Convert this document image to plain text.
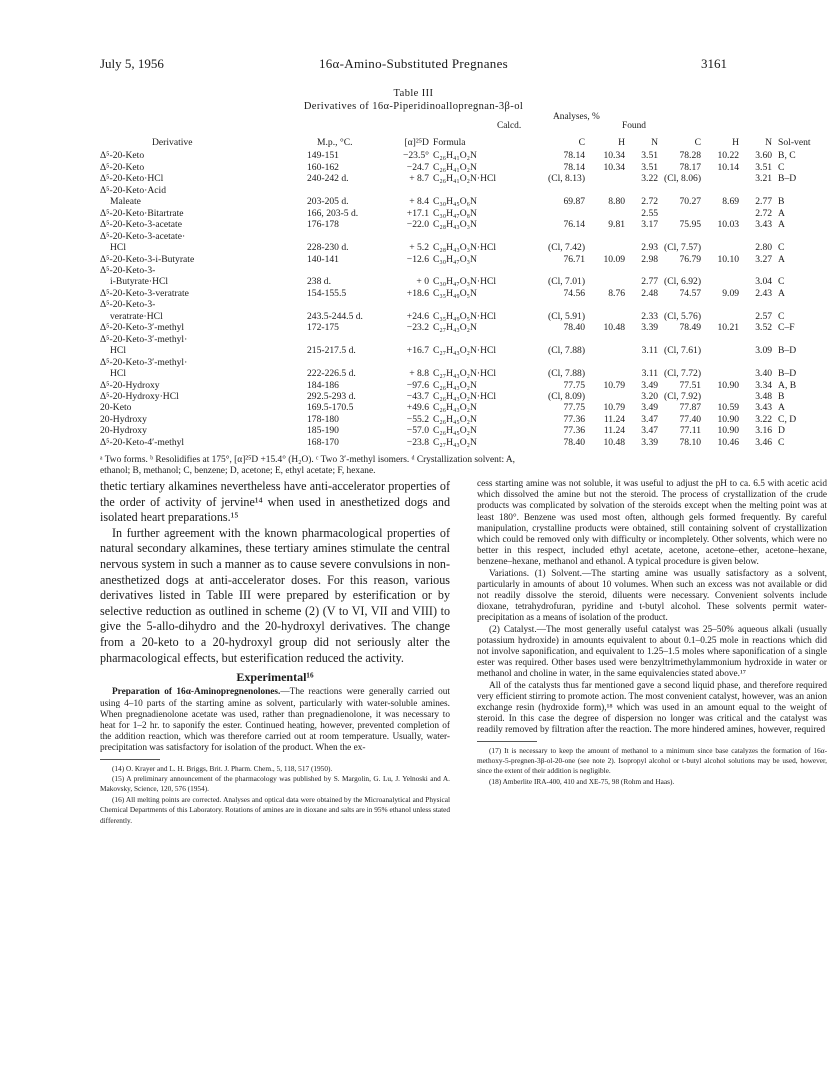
July 5, 1956	16α-Amino-Substituted Pregnanes	3161
Table III
Derivatives of 16α-Piperidinoallopregnan-3β-ol
Analyses, %
Calcd.	Found
Derivative	M.p., °C.	[α]²⁵D	Formula	C	H	N	C	H	N	Sol-vent
Δ⁵-20-Keto	149-151	−23.5°	C₂₆H₄₁O₂N	78.14	10.34	3.51	78.28	10.22	3.60	B, C
Δ⁵-20-Keto	160-162	−24.7	C₂₆H₄₁O₂N	78.14	10.34	3.51	78.17	10.14	3.51	C
Δ⁵-20-Keto·HCl	240-242 d.	+ 8.7	C₂₆H₄₁O₂N·HCl	(Cl, 8.13)		3.22	(Cl, 8.06)		3.21	B–D
Δ⁵-20-Keto·Acid										
Maleate	203-205 d.	+ 8.4	C₃₀H₄₅O₆N	69.87	8.80	2.72	70.27	8.69	2.77	B
Δ⁵-20-Keto·Bitartrate	166, 203-5 d.	+17.1	C₃₀H₄₇O₈N			2.55			2.72	A
Δ⁵-20-Keto-3-acetate	176-178	−22.0	C₂₈H₄₃O₃N	76.14	9.81	3.17	75.95	10.03	3.43	A
Δ⁵-20-Keto-3-acetate·										
HCl	228-230 d.	+ 5.2	C₂₈H₄₃O₃N·HCl	(Cl, 7.42)		2.93	(Cl, 7.57)		2.80	C
Δ⁵-20-Keto-3-i-Butyrate	140-141	−12.6	C₃₀H₄₇O₃N	76.71	10.09	2.98	76.79	10.10	3.27	A
Δ⁵-20-Keto-3-										
i-Butyrate·HCl	238 d.	+ 0	C₃₀H₄₇O₃N·HCl	(Cl, 7.01)		2.77	(Cl, 6.92)		3.04	C
Δ⁵-20-Keto-3-veratrate	154-155.5	+18.6	C₃₅H₄₉O₅N	74.56	8.76	2.48	74.57	9.09	2.43	A
Δ⁵-20-Keto-3-										
veratrate·HCl	243.5-244.5 d.	+24.6	C₃₅H₄₉O₅N·HCl	(Cl, 5.91)		2.33	(Cl, 5.76)		2.57	C
Δ⁵-20-Keto-3′-methyl	172-175	−23.2	C₂₇H₄₃O₂N	78.40	10.48	3.39	78.49	10.21	3.52	C–F
Δ⁵-20-Keto-3′-methyl·										
HCl	215-217.5 d.	+16.7	C₂₇H₄₃O₂N·HCl	(Cl, 7.88)		3.11	(Cl, 7.61)		3.09	B–D
Δ⁵-20-Keto-3′-methyl·										
HCl	222-226.5 d.	+ 8.8	C₂₇H₄₃O₂N·HCl	(Cl, 7.88)		3.11	(Cl, 7.72)		3.40	B–D
Δ⁵-20-Hydroxy	184-186	−97.6	C₂₆H₄₃O₂N	77.75	10.79	3.49	77.51	10.90	3.34	A, B
Δ⁵-20-Hydroxy·HCl	292.5-293 d.	−43.7	C₂₆H₄₃O₂N·HCl	(Cl, 8.09)		3.20	(Cl, 7.92)		3.48	B
20-Keto	169.5-170.5	+49.6	C₂₆H₄₃O₂N	77.75	10.79	3.49	77.87	10.59	3.43	A
20-Hydroxy	178-180	−55.2	C₂₆H₄₅O₂N	77.36	11.24	3.47	77.40	10.90	3.22	C, D
20-Hydroxy	185-190	−57.0	C₂₆H₄₅O₂N	77.36	11.24	3.47	77.11	10.90	3.16	D
Δ⁵-20-Keto-4′-methyl	168-170	−23.8	C₂₇H₄₃O₂N	78.40	10.48	3.39	78.10	10.46	3.46	C
ᵃ Two forms. ᵇ Resolidifies at 175°, [α]²⁵D +15.4° (H₂O). ᶜ Two 3′-methyl isomers. ᵈ Crystallization solvent: A,
ethanol; B, methanol; C, benzene; D, acetone; E, ethyl acetate; F, hexane.

thetic tertiary alkamines nevertheless have anti-accelerator properties of the order of activity of jervine¹⁴ when used in anesthetized dogs and isolated heart preparations.¹⁵

In further agreement with the known pharmacological properties of natural secondary alkamines, these tertiary amines stimulate the central nervous system in such a manner as to cause severe convulsions in non-anesthetized dogs at anti-accelerator doses. For this reason, various derivatives listed in Table III were prepared by esterification or by selective reduction as outlined in scheme (2) (V to VI, VII and VIII) to give the 5-allo-dihydro and the 20-hydroxyl derivatives. The change from a 20-keto to a 20-hydroxyl group did not seriously alter the pharmacological effects, but esterification reduced the activity.

Experimental¹⁶

Preparation of 16α-Aminopregnenolones.—The reactions were generally carried out using 4–10 parts of the starting amine as solvent, particularly with water-soluble amines. When pregnadienolone acetate was used, rather than pregnadienolone, it was necessary to heat for 1–2 hr. to saponify the ester. Continued heating, however, prevented completion of the addition reaction, which was therefore carried out at room temperature. Usually, water-precipitation was satisfactory for isolation of the product. When the ex-

(14) O. Krayer and L. H. Briggs, Brit. J. Pharm. Chem., 5, 118, 517 (1950).

(15) A preliminary announcement of the pharmacology was published by S. Margolin, G. Lu, J. Yelnoski and A. Makovsky, Science, 120, 576 (1954).

(16) All melting points are corrected. Analyses and optical data were obtained by the Microanalytical and Physical Chemical Departments of this Laboratory. Rotations of amines are in dioxane and salts are in 95% ethanol unless stated differently.

cess starting amine was not soluble, it was useful to adjust the pH to ca. 6.5 with acetic acid which dissolved the amine but not the steroid. The process of crystallization of the crude products was complicated by solvation of the steroids except when the melting point was at least 180°. Benzene was used most often, although gels formed frequently. By careful manipulation, crystalline products were obtained, still containing solvent of crystallization which could be removed only with difficulty or incompletely. Other solvents, which were no better in this respect, included ethyl acetate, acetone, acetone–ether, acetone–hexane, benzene–hexane, methanol and ethanol. A typical procedure is given below.

Variations. (1) Solvent.—The starting amine was usually satisfactory as a solvent, particularly in amounts of about 10 volumes. When such an excess was not available or did not readily dissolve the steroid, diluents were necessary. Convenient solvents include dioxane, tetrahydrofuran, pyridine and t-butyl alcohol. These solvents permit water-precipitation as a means of isolation of the product.

(2) Catalyst.—The most generally useful catalyst was 25–50% aqueous alkali (usually potassium hydroxide) in amounts equivalent to about 0.1–0.25 mole in reactions which did not involve saponification, and equivalent to 1.25–1.5 moles where saponification of a single ester was required. Other bases used were benzyltrimethylammonium hydroxide in water or methanol and choline in water, in the same equivalencies stated above.¹⁷

All of the catalysts thus far mentioned gave a second liquid phase, and therefore required very efficient stirring to promote action. The most convenient catalyst, however, was an anion exchange resin (hydroxide form),¹⁸ which was used in an amount equal to the weight of steroid. In this case the degree of dispersion no longer was critical and the catalyst was readily removed by filtration after the reaction. The more hindered amines, however, required

(17) It is necessary to keep the amount of methanol to a minimum since base catalyzes the formation of 16α-methoxy-5-pregnen-3β-ol-20-one (see note 2). Isopropyl alcohol or t-butyl alcohol solutions may be used, however, since the extent of their addition is negligible.

(18) Amberlite IRA-400, 410 and XE-75, 98 (Rohm and Haas).
